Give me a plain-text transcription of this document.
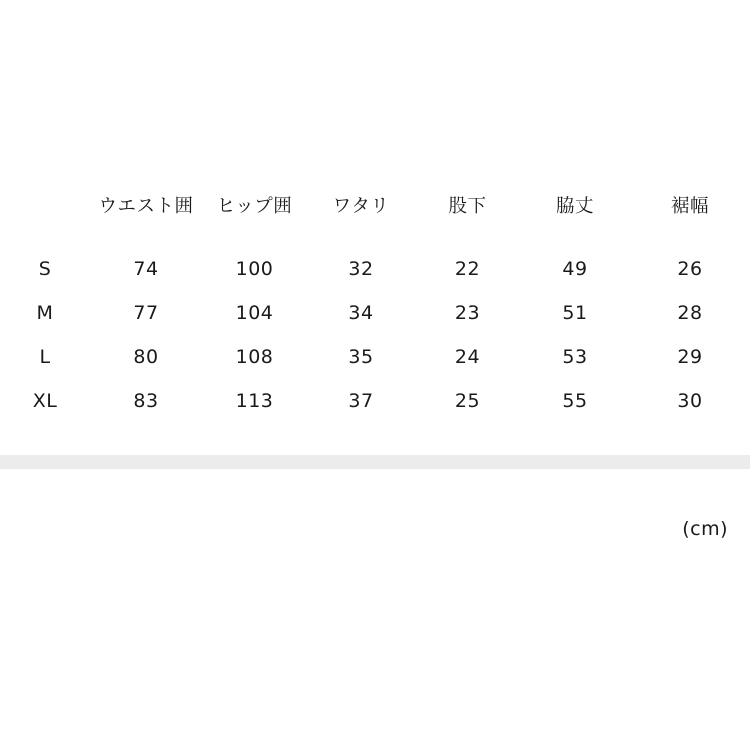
	ウエスト囲	ヒップ囲	ワタリ	股下	脇丈	裾幅

S	74	100	32	22	49	26
M	77	104	34	23	51	28
L	80	108	35	24	53	29
XL	83	113	37	25	55	30
(cm)
